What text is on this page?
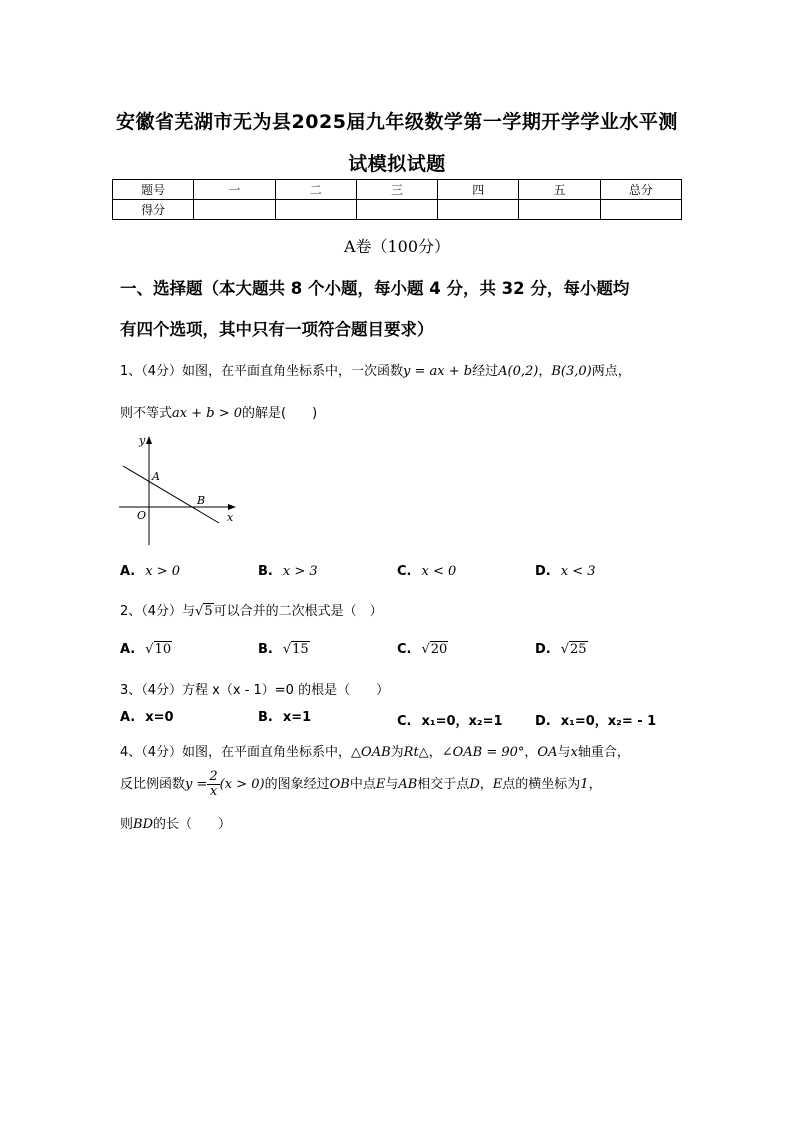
安徽省芜湖市无为县2025届九年级数学第一学期开学学业水平测
试模拟试题
题号	一	二	三	四	五	总分
得分						
A卷（100分）
一、选择题（本大题共 8 个小题，每小题 4 分，共 32 分，每小题均
有四个选项，其中只有一项符合题目要求）
1、（4分）如图，在平面直角坐标系中，一次函数y = ax + b经过A(0,2)，B(3,0)两点，
则不等式ax + b > 0的解是(　　)
y
x
A
B
O
A. x > 0	B. x > 3	C. x < 0	D. x < 3
2、（4分）与√5可以合并的二次根式是（　）
A. √10	B. √15	C. √20	D. √25
3、（4分）方程 x（x - 1）=0 的根是（　　）
A. x=0	B. x=1	C. x₁=0，x₂=1 D. x₁=0，x₂= - 1
4、（4分）如图，在平面直角坐标系中，△OAB为Rt△，∠OAB = 90°，OA与x轴重合，
反比例函数$y = \frac{2}{x} (x > 0)$的图象经过OB中点E与AB相交于点D，E点的横坐标为1，
则BD的长（　　）
